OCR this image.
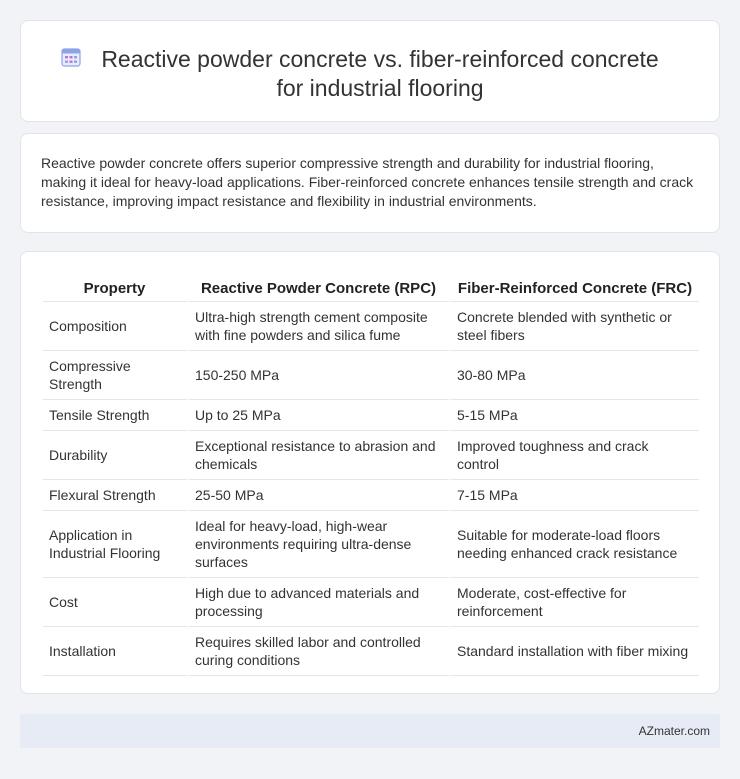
Reactive powder concrete vs. fiber-reinforced concrete for industrial flooring

Reactive powder concrete offers superior compressive strength and durability for industrial flooring, making it ideal for heavy-load applications. Fiber-reinforced concrete enhances tensile strength and crack resistance, improving impact resistance and flexibility in industrial environments.

Property	Reactive Powder Concrete (RPC)	Fiber-Reinforced Concrete (FRC)
Composition	Ultra-high strength cement composite with fine powders and silica fume	Concrete blended with synthetic or steel fibers
Compressive Strength	150-250 MPa	30-80 MPa
Tensile Strength	Up to 25 MPa	5-15 MPa
Durability	Exceptional resistance to abrasion and chemicals	Improved toughness and crack control
Flexural Strength	25-50 MPa	7-15 MPa
Application in Industrial Flooring	Ideal for heavy-load, high-wear environments requiring ultra-dense surfaces	Suitable for moderate-load floors needing enhanced crack resistance
Cost	High due to advanced materials and processing	Moderate, cost-effective for reinforcement
Installation	Requires skilled labor and controlled curing conditions	Standard installation with fiber mixing
AZmater.com
